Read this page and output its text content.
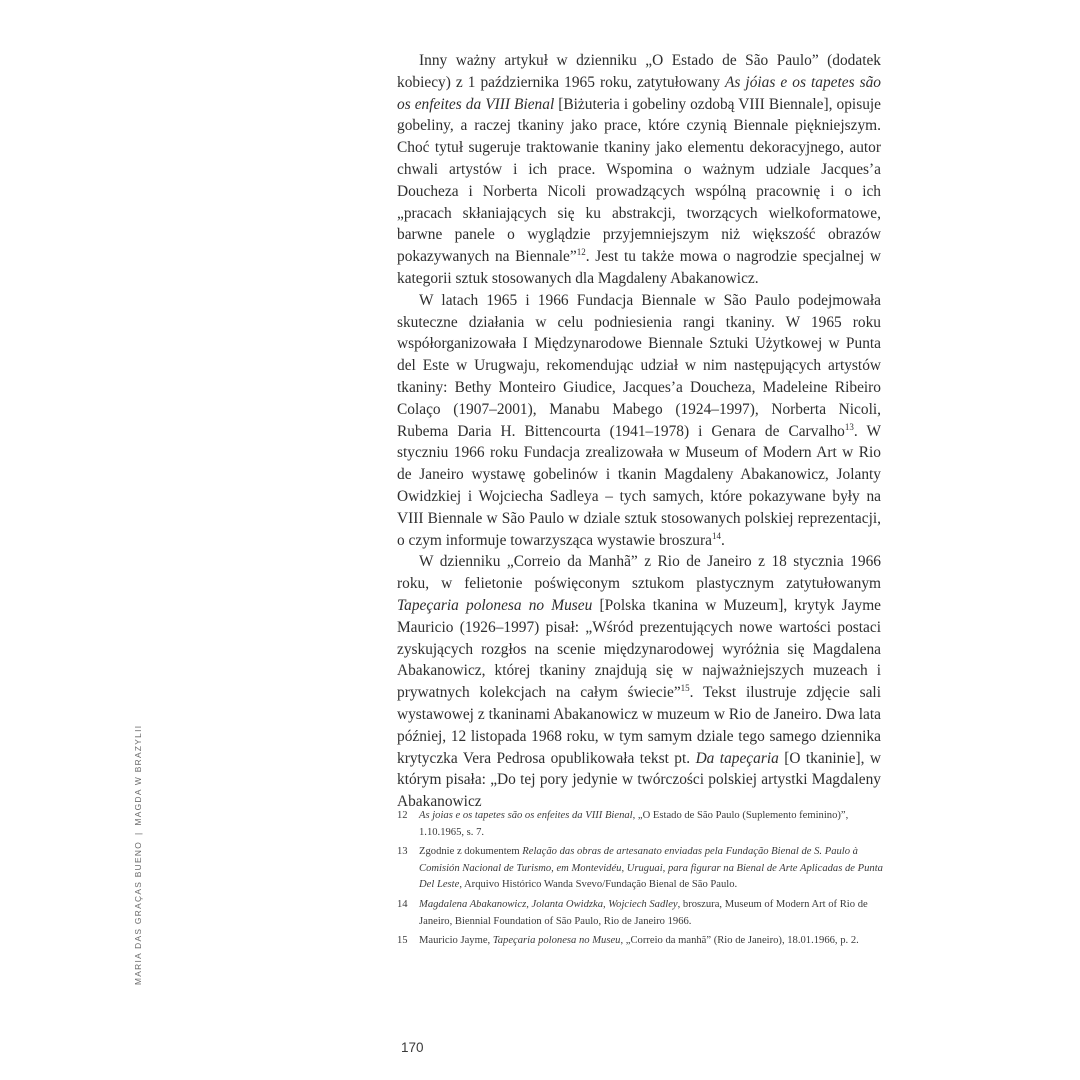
MARIA DAS GRAÇAS BUENO|MAGDA W BRAZYLII

Inny ważny artykuł w dzienniku „O Estado de São Paulo” (dodatek kobiecy) z 1 października 1965 roku, zatytułowany As jóias e os tapetes são os enfeites da VIII Bienal [Biżuteria i gobeliny ozdobą VIII Biennale], opisuje gobeliny, a raczej tkaniny jako prace, które czynią Biennale piękniejszym. Choć tytuł sugeruje traktowanie tkaniny jako elementu dekoracyjnego, autor chwali artystów i ich prace. Wspomina o ważnym udziale Jacques’a Doucheza i Norberta Nicoli prowadzących wspólną pracownię i o ich „pracach skłaniających się ku abstrakcji, tworzących wielkoformatowe, barwne panele o wyglądzie przyjemniejszym niż większość obrazów pokazywanych na Biennale”$^{12}$. Jest tu także mowa o nagrodzie specjalnej w kategorii sztuk stosowanych dla Magdaleny Abakanowicz.

W latach 1965 i 1966 Fundacja Biennale w São Paulo podejmowała skuteczne działania w celu podniesienia rangi tkaniny. W 1965 roku współorganizowała I Międzynarodowe Biennale Sztuki Użytkowej w Punta del Este w Urugwaju, rekomendując udział w nim następujących artystów tkaniny: Bethy Monteiro Giudice, Jacques’a Doucheza, Madeleine Ribeiro Colaço (1907–2001), Manabu Mabego (1924–1997), Norberta Nicoli, Rubema Daria H. Bittencourta (1941–1978) i Genara de Carvalho$^{13}$. W styczniu 1966 roku Fundacja zrealizowała w Museum of Modern Art w Rio de Janeiro wystawę gobelinów i tkanin Magdaleny Abakanowicz, Jolanty Owidzkiej i Wojciecha Sadleya – tych samych, które pokazywane były na VIII Biennale w São Paulo w dziale sztuk stosowanych polskiej reprezentacji, o czym informuje towarzysząca wystawie broszura$^{14}$.

W dzienniku „Correio da Manhã” z Rio de Janeiro z 18 stycznia 1966 roku, w felietonie poświęconym sztukom plastycznym zatytułowanym Tapeçaria polonesa no Museu [Polska tkanina w Muzeum], krytyk Jayme Mauricio (1926–1997) pisał: „Wśród prezentujących nowe wartości postaci zyskujących rozgłos na scenie międzynarodowej wyróżnia się Magdalena Abakanowicz, której tkaniny znajdują się w najważniejszych muzeach i prywatnych kolekcjach na całym świecie”$^{15}$. Tekst ilustruje zdjęcie sali wystawowej z tkaninami Abakanowicz w muzeum w Rio de Janeiro. Dwa lata później, 12 listopada 1968 roku, w tym samym dziale tego samego dziennika krytyczka Vera Pedrosa opublikowała tekst pt. Da tapeçaria [O tkaninie], w którym pisała: „Do tej pory jedynie w twórczości polskiej artystki Magdaleny Abakanowicz

12 As joias e os tapetes são os enfeites da VIII Bienal, „O Estado de São Paulo (Suplemento feminino)”, 1.10.1965, s. 7.
13 Zgodnie z dokumentem Relação das obras de artesanato enviadas pela Fundação Bienal de S. Paulo à Comisión Nacional de Turismo, em Montevidéu, Uruguai, para figurar na Bienal de Arte Aplicadas de Punta Del Leste, Arquivo Histórico Wanda Svevo/Fundação Bienal de São Paulo.
14 Magdalena Abakanowicz, Jolanta Owidzka, Wojciech Sadley, broszura, Museum of Modern Art of Rio de Janeiro, Biennial Foundation of São Paulo, Rio de Janeiro 1966.
15 Mauricio Jayme, Tapeçaria polonesa no Museu, „Correio da manhã” (Rio de Janeiro), 18.01.1966, p. 2.
170
